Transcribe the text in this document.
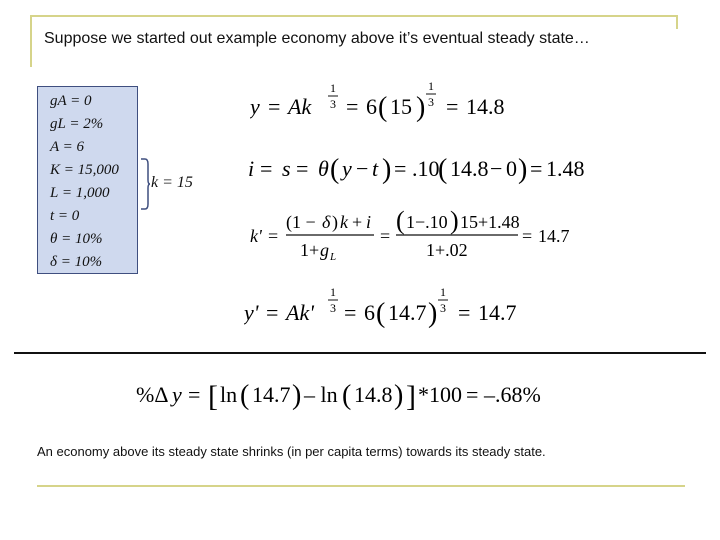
Suppose we started out example economy above it’s eventual steady state…
gA = 0
gL = 2%
A = 6
K = 15,000
L = 1,000
t = 0
θ = 10%
δ = 10%
k = 15
y = Ak
1
3 = 6 ( 15 )
1
3 = 14.8
i = s = θ ( y − t ) = .10
( 14.8 − 0 ) = 1.48
k' =
(1 − δ ) k + i
1+ g L
=
( 1−.10 ) 15+1.48
1+.02
= 14.7
y' = Ak'
1
3 = 6 ( 14.7 )
1
3 = 14.7
%Δ y = [ ln ( 14.7 ) – ln ( 14.8 ) ] *100 = –.68%
An economy above its steady state shrinks (in per capita terms) towards its steady state.
